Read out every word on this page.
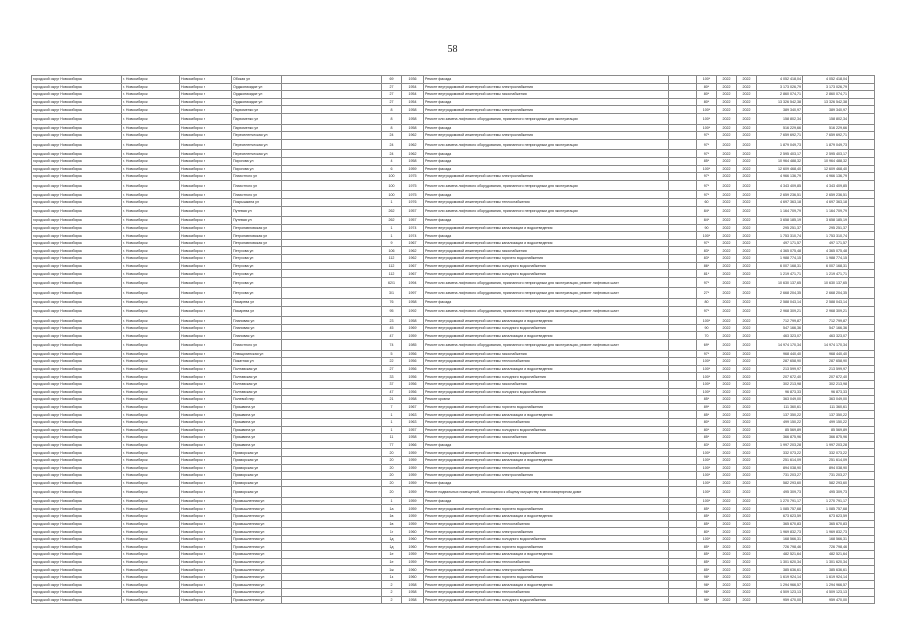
58
городской округ Новосибирск	г. Новосибирск	Новосибирск г	Обская ул		69	1936	Ремонт фасада		100*	2022	2022	4 052 418,04	4 052 418,04	
городской округ Новосибирск	г. Новосибирск	Новосибирск г	Орджоникидзе ул		27	1954	Ремонт внутридомовой инженерной системы электроснабжения		80*	2022	2022	3 173 026,79	3 173 026,79	
городской округ Новосибирск	г. Новосибирск	Новосибирск г	Орджоникидзе ул		27	1954	Ремонт внутридомовой инженерной системы газоснабжения		80*	2022	2022	2 860 074,71	2 860 074,71	
городской округ Новосибирск	г. Новосибирск	Новосибирск г	Орджоникидзе ул		27	1954	Ремонт фасада		80*	2022	2022	13 326 542,38	13 326 542,38	
городской округ Новосибирск	г. Новосибирск	Новосибирск г	Пархоменко ул		8	1958	Ремонт внутридомовой инженерной системы электроснабжения		100*	2022	2022	389 340,97	389 340,97	
городской округ Новосибирск	г. Новосибирск	Новосибирск г	Пархоменко ул		8	1958	Ремонт или замена лифтового оборудования, признанного непригодным для эксплуатации		100*	2022	2022	158 802,34	158 802,34	
городской округ Новосибирск	г. Новосибирск	Новосибирск г	Пархоменко ул		8	1958	Ремонт фасада		100*	2022	2022	516 229,66	516 229,66	
городской округ Новосибирск	г. Новосибирск	Новосибирск г	Переселенческая ул		24	1962	Ремонт внутридомовой инженерной системы электроснабжения		97*	2022	2022	7 659 692,71	7 659 692,71	
городской округ Новосибирск	г. Новосибирск	Новосибирск г	Переселенческая ул		24	1962	Ремонт или замена лифтового оборудования, признанного непригодным для эксплуатации		97*	2022	2022	1 879 049,73	1 879 049,73	
городской округ Новосибирск	г. Новосибирск	Новосибирск г	Переселенческая ул		24	1962	Ремонт фасада		97*	2022	2022	2 595 403,17	2 595 403,17	
городской округ Новосибирск	г. Новосибирск	Новосибирск г	Пирогова ул		4	1958	Ремонт фасада		85*	2022	2022	10 964 488,32	10 964 488,32	
городской округ Новосибирск	г. Новосибирск	Новосибирск г	Пирогова ул		6	1959	Ремонт фасада		100*	2022	2022	12 609 468,40	12 609 468,40	
городской округ Новосибирск	г. Новосибирск	Новосибирск г	Плахотного ул		100	1975	Ремонт внутридомовой инженерной системы электроснабжения		97*	2022	2022	4 966 136,79	4 966 136,79	
городской округ Новосибирск	г. Новосибирск	Новосибирск г	Плахотного ул		100	1975	Ремонт или замена лифтового оборудования, признанного непригодным для эксплуатации		97*	2022	2022	4 343 409,85	4 343 409,85	
городской округ Новосибирск	г. Новосибирск	Новосибирск г	Плахотного ул		100	1975	Ремонт фасада		97*	2022	2022	2 659 236,51	2 659 236,51	
городской округ Новосибирск	г. Новосибирск	Новосибирск г	Покрышкина ул		1	1976	Ремонт внутридомовой инженерной системы теплоснабжения		60	2022	2022	4 697 363,18	4 697 363,18	
городской округ Новосибирск	г. Новосибирск	Новосибирск г	Путевая ул		262	1957	Ремонт или замена лифтового оборудования, признанного непригодным для эксплуатации		84*	2022	2022	1 164 709,79	1 164 709,79	
городской округ Новосибирск	г. Новосибирск	Новосибирск г	Путевая ул		262	1957	Ремонт фасада		84*	2022	2022	3 658 185,19	3 658 185,19	
городской округ Новосибирск	г. Новосибирск	Новосибирск г	Петропавловская ул		1	1974	Ремонт внутридомовой инженерной системы канализации и водоотведения		90	2022	2022	295 251,37	295 251,37	
городской округ Новосибирск	г. Новосибирск	Новосибирск г	Петропавловская ул		1	1974	Ремонт фасада		100*	2022	2022	1 753 310,74	1 753 310,74	
городской округ Новосибирск	г. Новосибирск	Новосибирск г	Петропавловская ул		9	1967	Ремонт внутридомовой инженерной системы канализации и водоотведения		97*	2022	2022	497 171,57	497 171,57	
городской округ Новосибирск	г. Новосибирск	Новосибирск г	Петухова ул		106	1962	Ремонт внутридомовой инженерной системы газоснабжения		83*	2022	2022	4 365 075,48	4 365 075,48	
городской округ Новосибирск	г. Новосибирск	Новосибирск г	Петухова ул		112	1962	Ремонт внутридомовой инженерной системы горячего водоснабжения		83*	2022	2022	1 988 774,15	1 988 774,15	
городской округ Новосибирск	г. Новосибирск	Новосибирск г	Петухова ул		112	1967	Ремонт внутридомовой инженерной системы холодного водоснабжения		86*	2022	2022	6 007 168,31	6 007 168,31	
городской округ Новосибирск	г. Новосибирск	Новосибирск г	Петухова ул		112	1967	Ремонт внутридомовой инженерной системы холодного водоснабжения		81*	2022	2022	1 219 471,71	1 219 471,71	
городской округ Новосибирск	г. Новосибирск	Новосибирск г	Петухова ул		62/1	1994	Ремонт или замена лифтового оборудования, признанного непригодным для эксплуатации, ремонт лифтовых шахт		97*	2022	2022	10 630 137,65	10 630 137,65	
городской округ Новосибирск	г. Новосибирск	Новосибирск г	Петухова ул		3/1	1997	Ремонт или замена лифтового оборудования, признанного непригодным для эксплуатации, ремонт лифтовых шахт		27*	2022	2022	2 668 204,35	2 668 204,35	
городской округ Новосибирск	г. Новосибирск	Новосибирск г	Писарева ул		76	1958	Ремонт фасада		80	2022	2022	2 588 043,14	2 588 043,14	
городской округ Новосибирск	г. Новосибирск	Новосибирск г	Писарева ул		95	1992	Ремонт или замена лифтового оборудования, признанного непригодным для эксплуатации, ремонт лифтовых шахт		97*	2022	2022	2 968 309,21	2 968 309,21	
городской округ Новосибирск	г. Новосибирск	Новосибирск г	Плановая ул		23	1958	Ремонт внутридомовой инженерной системы канализации и водоотведения		100*	2022	2022	712 799,87	712 799,87	
городской округ Новосибирск	г. Новосибирск	Новосибирск г	Плановая ул		45	1969	Ремонт внутридомовой инженерной системы холодного водоснабжения		90	2022	2022	547 166,36	547 166,36	
городской округ Новосибирск	г. Новосибирск	Новосибирск г	Плановая ул		47	1959	Ремонт внутридомовой инженерной системы канализации и водоотведения		70	2022	2022	463 323,07	463 323,07	
городской округ Новосибирск	г. Новосибирск	Новосибирск г	Плахотного ул		74	1985	Ремонт или замена лифтового оборудования, признанного непригодным для эксплуатации, ремонт лифтовых шахт		69*	2022	2022	14 974 170,34	14 974 170,34	
городской округ Новосибирск	г. Новосибирск	Новосибирск г	Плющихинская ул		5	1956	Ремонт внутридомовой инженерной системы газоснабжения		97*	2022	2022	968 440,40	968 440,40	
городской округ Новосибирск	г. Новосибирск	Новосибирск г	Покатная ул		22	1956	Ремонт внутридомовой инженерной системы теплоснабжения		100*	2022	2022	287 658,90	287 658,90	
городской округ Новосибирск	г. Новосибирск	Новосибирск г	Полтавская ул		27	1956	Ремонт внутридомовой инженерной системы канализации и водоотведения		100*	2022	2022	213 599,97	213 599,97	
городской округ Новосибирск	г. Новосибирск	Новосибирск г	Полтавская ул		33	1956	Ремонт внутридомовой инженерной системы холодного водоснабжения		100*	2022	2022	207 672,40	207 672,40	
городской округ Новосибирск	г. Новосибирск	Новосибирск г	Полтавская ул		37	1956	Ремонт внутридомовой инженерной системы газоснабжения		100*	2022	2022	302 213,98	302 213,98	
городской округ Новосибирск	г. Новосибирск	Новосибирск г	Полтавская ул		47	1956	Ремонт внутридомовой инженерной системы холодного водоснабжения		100*	2022	2022	96 873,33	96 873,33	
городской округ Новосибирск	г. Новосибирск	Новосибирск г	Полевой пер		21	1958	Ремонт кровли		85*	2022	2022	363 049,00	363 049,00	
городской округ Новосибирск	г. Новосибирск	Новосибирск г	Пришвина ул		7	1967	Ремонт внутридомовой инженерной системы горячего водоснабжения		89*	2022	2022	111 360,61	111 360,61	
городской округ Новосибирск	г. Новосибирск	Новосибирск г	Пришвина ул		1	1963	Ремонт внутридомовой инженерной системы канализации и водоотведения		85*	2022	2022	137 350,22	137 350,22	
городской округ Новосибирск	г. Новосибирск	Новосибирск г	Пришвина ул		1	1963	Ремонт внутридомовой инженерной системы теплоснабжения		80*	2022	2022	499 150,22	499 150,22	
городской округ Новосибирск	г. Новосибирск	Новосибирск г	Пришвина ул		1	1957	Ремонт внутридомовой инженерной системы холодного водоснабжения		80*	2022	2022	85 569,89	85 569,89	
городской округ Новосибирск	г. Новосибирск	Новосибирск г	Пришвина ул		11	1958	Ремонт внутридомовой инженерной системы газоснабжения		85*	2022	2022	366 875,96	366 875,96	
городской округ Новосибирск	г. Новосибирск	Новосибирск г	Пришвина ул		77	1966	Ремонт фасада		83*	2022	2022	1 997 203,28	1 997 203,28	
городской округ Новосибирск	г. Новосибирск	Новосибирск г	Приморская ул		20	1959	Ремонт внутридомовой инженерной системы холодного водоснабжения		100*	2022	2022	332 073,22	332 073,22	
городской округ Новосибирск	г. Новосибирск	Новосибирск г	Приморская ул		20	1959	Ремонт внутридомовой инженерной системы канализации и водоотведения		100*	2022	2022	251 614,09	251 614,09	
городской округ Новосибирск	г. Новосибирск	Новосибирск г	Приморская ул		20	1959	Ремонт внутридомовой инженерной системы теплоснабжения		100*	2022	2022	894 038,90	894 038,90	
городской округ Новосибирск	г. Новосибирск	Новосибирск г	Приморская ул		20	1959	Ремонт внутридомовой инженерной системы электроснабжения		100*	2022	2022	731 203,27	731 203,27	
городской округ Новосибирск	г. Новосибирск	Новосибирск г	Приморская ул		20	1959	Ремонт фасада		100*	2022	2022	582 293,60	582 293,60	
городской округ Новосибирск	г. Новосибирск	Новосибирск г	Приморская ул		20	1959	Ремонт подвальных помещений, относящихся к общему имуществу в многоквартирном доме		100*	2022	2022	495 309,73	495 309,73	
городской округ Новосибирск	г. Новосибирск	Новосибирск г	Промышленная ул		1	1959	Ремонт фасада		100*	2022	2022	1 270 791,17	1 270 791,17	
городской округ Новосибирск	г. Новосибирск	Новосибирск г	Промышленная ул		1а	1959	Ремонт внутридомовой инженерной системы горячего водоснабжения		85*	2022	2022	1 085 757,68	1 085 757,68	
городской округ Новосибирск	г. Новосибирск	Новосибирск г	Промышленная ул		1в	1959	Ремонт внутридомовой инженерной системы канализации и водоотведения		85*	2022	2022	673 623,59	673 623,59	
городской округ Новосибирск	г. Новосибирск	Новосибирск г	Промышленная ул		1в	1959	Ремонт внутридомовой инженерной системы теплоснабжения		85*	2022	2022	365 670,83	365 670,83	
городской округ Новосибирск	г. Новосибирск	Новосибирск г	Промышленная ул		1г	1960	Ремонт внутридомовой инженерной системы электроснабжения		80*	2022	2022	1 969 832,73	1 969 832,73	
городской округ Новосибирск	г. Новосибирск	Новосибирск г	Промышленная ул		1д	1960	Ремонт внутридомовой инженерной системы холодного водоснабжения		100*	2022	2022	168 566,31	168 566,31	
городской округ Новосибирск	г. Новосибирск	Новосибирск г	Промышленная ул		1д	1960	Ремонт внутридомовой инженерной системы горячего водоснабжения		85*	2022	2022	726 798,46	726 798,46	
городской округ Новосибирск	г. Новосибирск	Новосибирск г	Промышленная ул		1е	1959	Ремонт внутридомовой инженерной системы канализации и водоотведения		85*	2022	2022	482 521,64	482 521,64	
городской округ Новосибирск	г. Новосибирск	Новосибирск г	Промышленная ул		1е	1959	Ремонт внутридомовой инженерной системы теплоснабжения		85*	2022	2022	1 301 620,34	1 301 620,34	
городской округ Новосибирск	г. Новосибирск	Новосибирск г	Промышленная ул		1ж	1960	Ремонт внутридомовой инженерной системы электроснабжения		85*	2022	2022	385 636,61	385 636,61	
городской округ Новосибирск	г. Новосибирск	Новосибирск г	Промышленная ул		1з	1960	Ремонт внутридомовой инженерной системы горячего водоснабжения		98*	2022	2022	1 619 924,14	1 619 924,14	
городской округ Новосибирск	г. Новосибирск	Новосибирск г	Промышленная ул		2	1958	Ремонт внутридомовой инженерной системы канализации и водоотведения		98*	2022	2022	1 294 966,57	1 294 966,57	
городской округ Новосибирск	г. Новосибирск	Новосибирск г	Промышленная ул		2	1958	Ремонт внутридомовой инженерной системы теплоснабжения		98*	2022	2022	4 509 123,13	4 509 123,13	
городской округ Новосибирск	г. Новосибирск	Новосибирск г	Промышленная ул		2	1958	Ремонт внутридомовой инженерной системы холодного водоснабжения		98*	2022	2022	959 470,00	959 470,00	
